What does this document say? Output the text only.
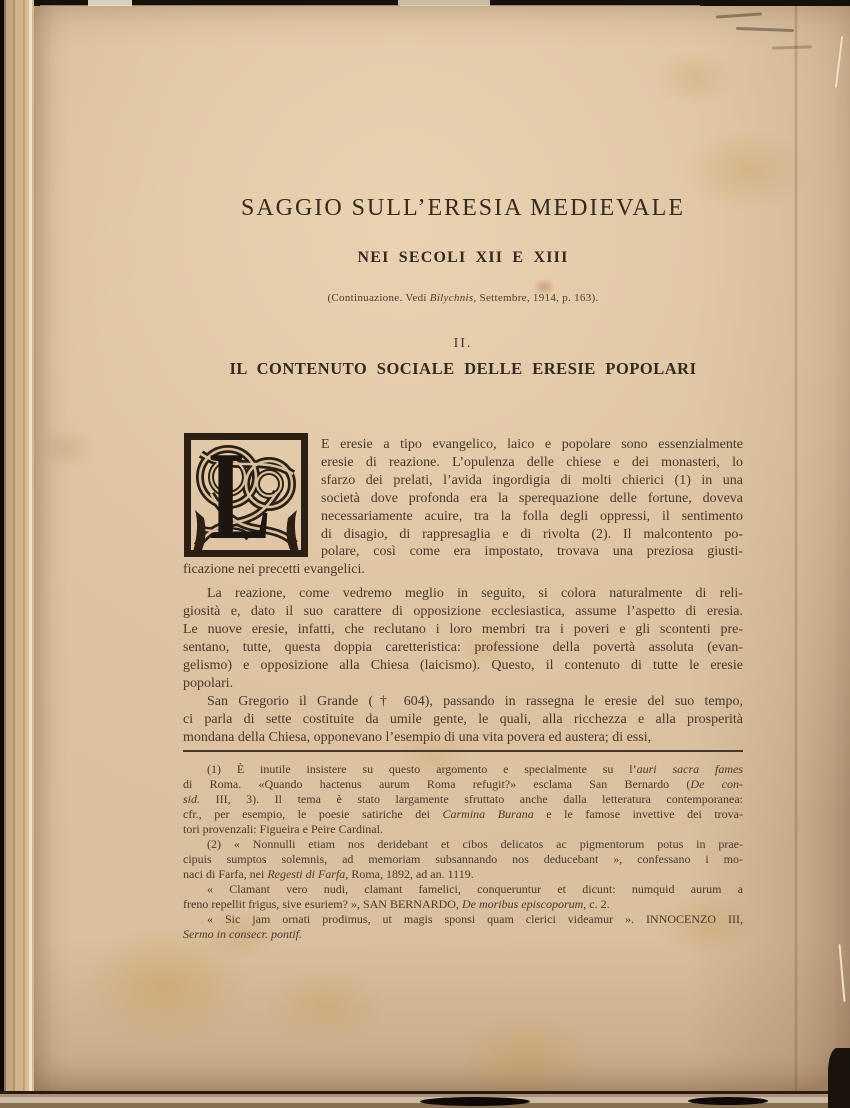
SAGGIO SULL’ERESIA MEDIEVALE
NEI SECOLI XII E XIII
(Continuazione. Vedi Bilychnis, Settembre, 1914, p. 163).
II.
IL CONTENUTO SOCIALE DELLE ERESIE POPOLARI
L	E eresie a tipo evangelico, laico e popolare sono essenzialmente
eresie di reazione. L’opulenza delle chiese e dei monasteri, lo
sfarzo dei prelati, l’avida ingordigia di molti chierici (1) in una
società dove profonda era la sperequazione delle fortune, doveva
necessariamente acuire, tra la folla degli oppressi, il sentimento
di disagio, di rappresaglia e di rivolta (2). Il malcontento po-
polare, così come era impostato, trovava una preziosa giusti-
ficazione nei precetti evangelici.
La reazione, come vedremo meglio in seguito, si colora naturalmente di reli-
giosità e, dato il suo carattere di opposizione ecclesiastica, assume l’aspetto di eresia.
Le nuove eresie, infatti, che reclutano i loro membri tra i poveri e gli scontenti pre-
sentano, tutte, questa doppia caretteristica: professione della povertà assoluta (evan-
gelismo) e opposizione alla Chiesa (laicismo). Questo, il contenuto di tutte le eresie
popolari.
San Gregorio il Grande († 604), passando in rassegna le eresie del suo tempo,
ci parla di sette costituite da umile gente, le quali, alla ricchezza e alla prosperità
mondana della Chiesa, opponevano l’esempio di una vita povera ed austera; di essi,
(1) È inutile insistere su questo argomento e specialmente su l’auri sacra fames
di Roma. «Quando hactenus aurum Roma refugit?» esclama San Bernardo (De con-
sid. III, 3). Il tema è stato largamente sfruttato anche dalla letteratura contemporanea:
cfr., per esempio, le poesie satiriche dei Carmina Burana e le famose invettive dei trova-
tori provenzali: Figueira e Peire Cardinal.
(2) « Nonnulli etiam nos deridebant et cibos delicatos ac pigmentorum potus in prae-
cipuis sumptos solemnis, ad memoriam subsannando nos deducebant », confessano i mo-
naci di Farfa, nei Regesti di Farfa, Roma, 1892, ad an. 1119.
« Clamant vero nudi, clamant famelici, conqueruntur et dicunt: numquid aurum a
freno repellit frigus, sive esuriem? », SAN BERNARDO, De moribus episcoporum, c. 2.
« Sic jam ornati prodimus, ut magis sponsi quam clerici videamur ». INNOCENZO III,
Sermo in consecr. pontif.
